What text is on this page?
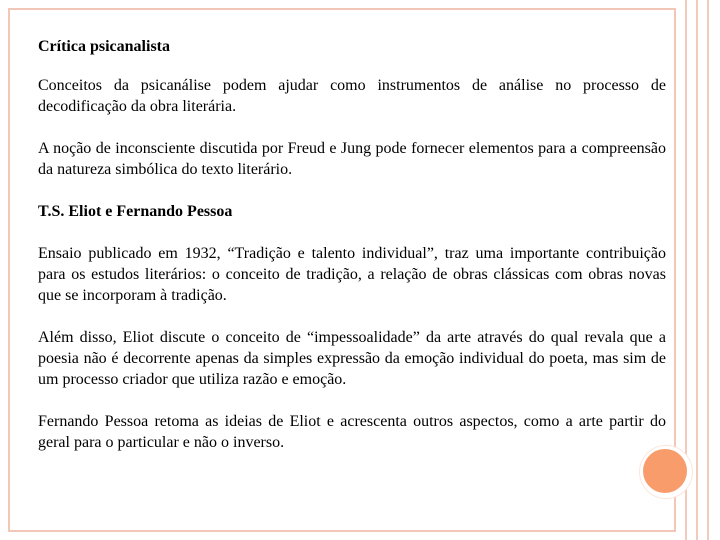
Crítica psicanalista

Conceitos da psicanálise podem ajudar como instrumentos de análise no processo de decodificação da obra literária.

A noção de inconsciente discutida por Freud e Jung pode fornecer elementos para a compreensão da natureza simbólica do texto literário.

T.S. Eliot e Fernando Pessoa

Ensaio publicado em 1932, “Tradição e talento individual”, traz uma importante contribuição para os estudos literários: o conceito de tradição, a relação de obras clássicas com obras novas que se incorporam à tradição.

Além disso, Eliot discute o conceito de “impessoalidade” da arte através do qual revala que a poesia não é decorrente apenas da simples expressão da emoção individual do poeta, mas sim de um processo criador que utiliza razão e emoção.

Fernando Pessoa retoma as ideias de Eliot e acrescenta outros aspectos, como a arte partir do geral para o particular e não o inverso.
